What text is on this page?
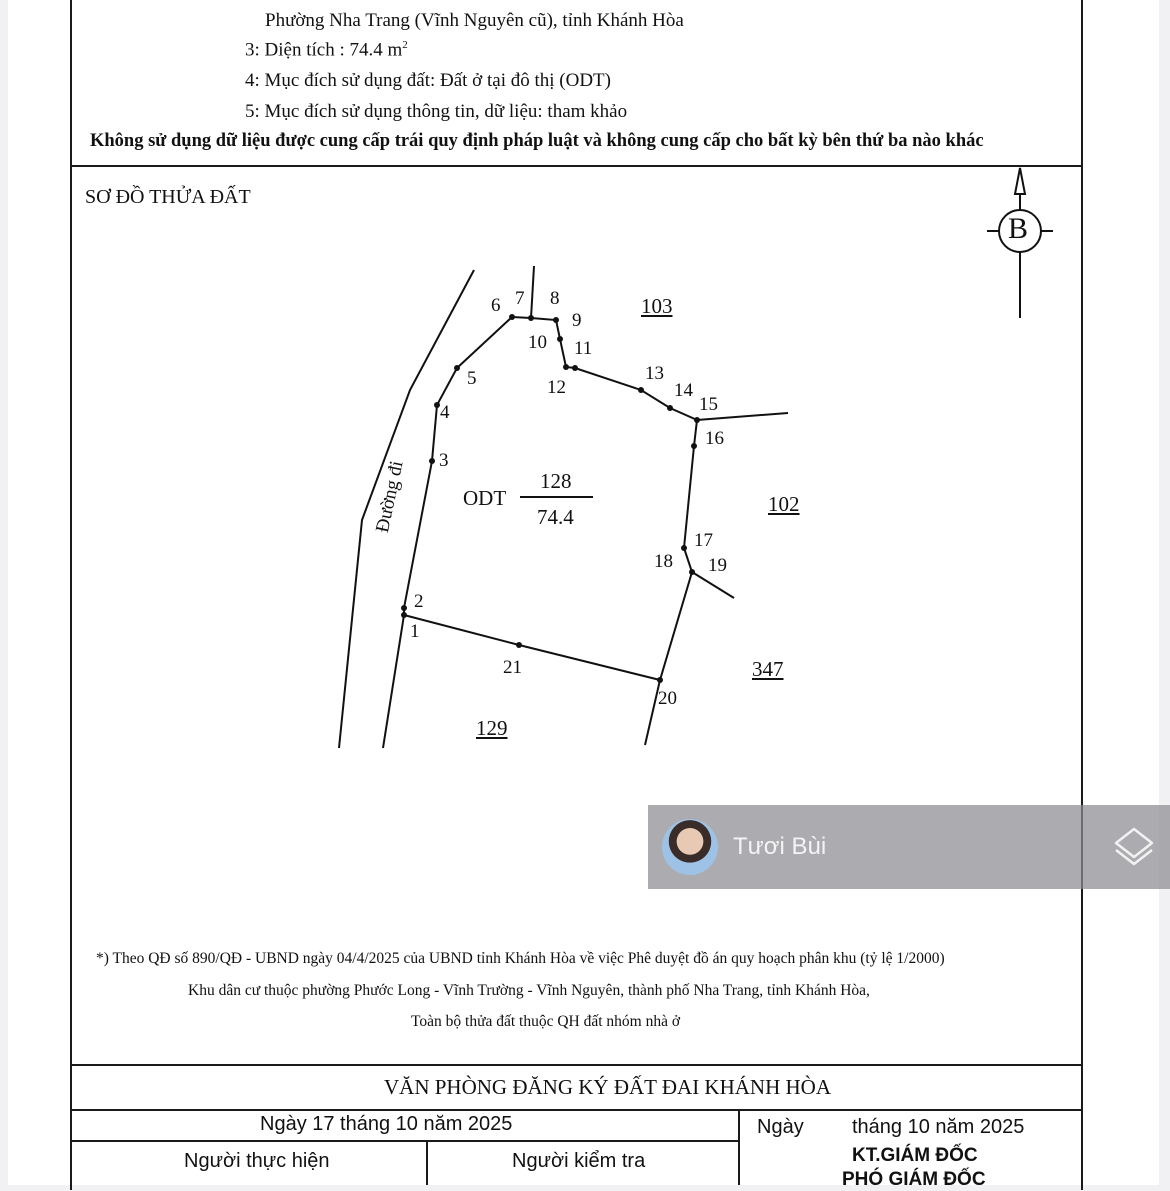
Phường Nha Trang (Vĩnh Nguyên cũ), tỉnh Khánh Hòa
3: Diện tích : 74.4 $m^2$
4: Mục đích sử dụng đất: Đất ở tại đô thị (ODT)
5: Mục đích sử dụng thông tin, dữ liệu: tham khảo
Không sử dụng dữ liệu được cung cấp trái quy định pháp luật và không cung cấp cho bất kỳ bên thứ ba nào khác
SƠ ĐỒ THỬA ĐẤT
B
Đường đi	ODT
128
74.4
103
102
347
129
1
2
3
4
5
6 7 8
9
10 11
12
13
14
15
16
17
18 19
20
21
*) Theo QĐ số 890/QĐ - UBND ngày 04/4/2025 của UBND tỉnh Khánh Hòa về việc Phê duyệt đồ án quy hoạch phân khu (tỷ lệ 1/2000)
Khu dân cư thuộc phường Phước Long - Vĩnh Trường - Vĩnh Nguyên, thành phố Nha Trang, tỉnh Khánh Hòa,
Toàn bộ thửa đất thuộc QH đất nhóm nhà ở
VĂN PHÒNG ĐĂNG KÝ ĐẤT ĐAI KHÁNH HÒA
Ngày 17 tháng 10 năm 2025	Ngày tháng 10 năm 2025
Người thực hiện	Người kiểm tra	KT.GIÁM ĐỐC
PHÓ GIÁM ĐỐC
Tươi Bùi
